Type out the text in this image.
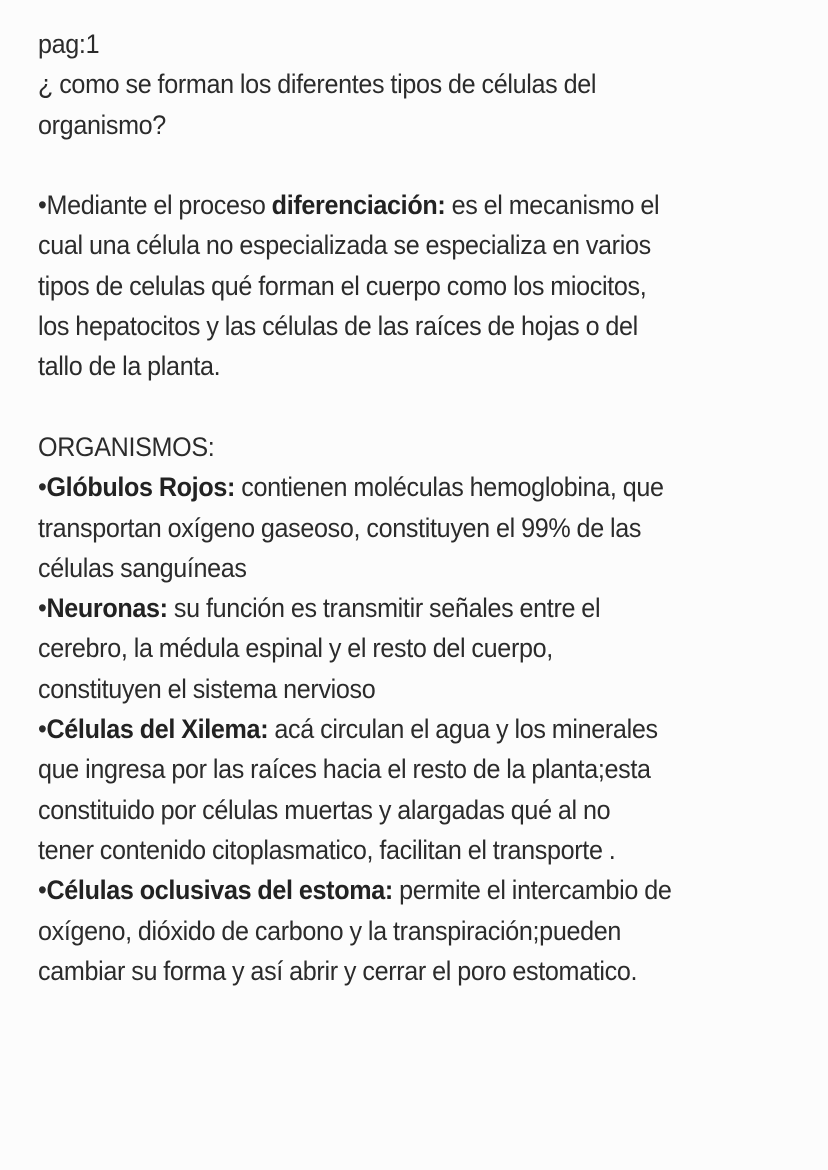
pag:1
¿ como se forman los diferentes tipos de células del
organismo?
•Mediante el proceso diferenciación: es el mecanismo el
cual una célula no especializada se especializa en varios
tipos de celulas qué forman el cuerpo como los miocitos,
los hepatocitos y las células de las raíces de hojas o del
tallo de la planta.
ORGANISMOS:
•Glóbulos Rojos: contienen moléculas hemoglobina, que
transportan oxígeno gaseoso, constituyen el 99% de las
células sanguíneas
•Neuronas: su función es transmitir señales entre el
cerebro, la médula espinal y el resto del cuerpo,
constituyen el sistema nervioso
•Células del Xilema: acá circulan el agua y los minerales
que ingresa por las raíces hacia el resto de la planta;esta
constituido por células muertas y alargadas qué al no
tener contenido citoplasmatico, facilitan el transporte .
•Células oclusivas del estoma: permite el intercambio de
oxígeno, dióxido de carbono y la transpiración;pueden
cambiar su forma y así abrir y cerrar el poro estomatico.
